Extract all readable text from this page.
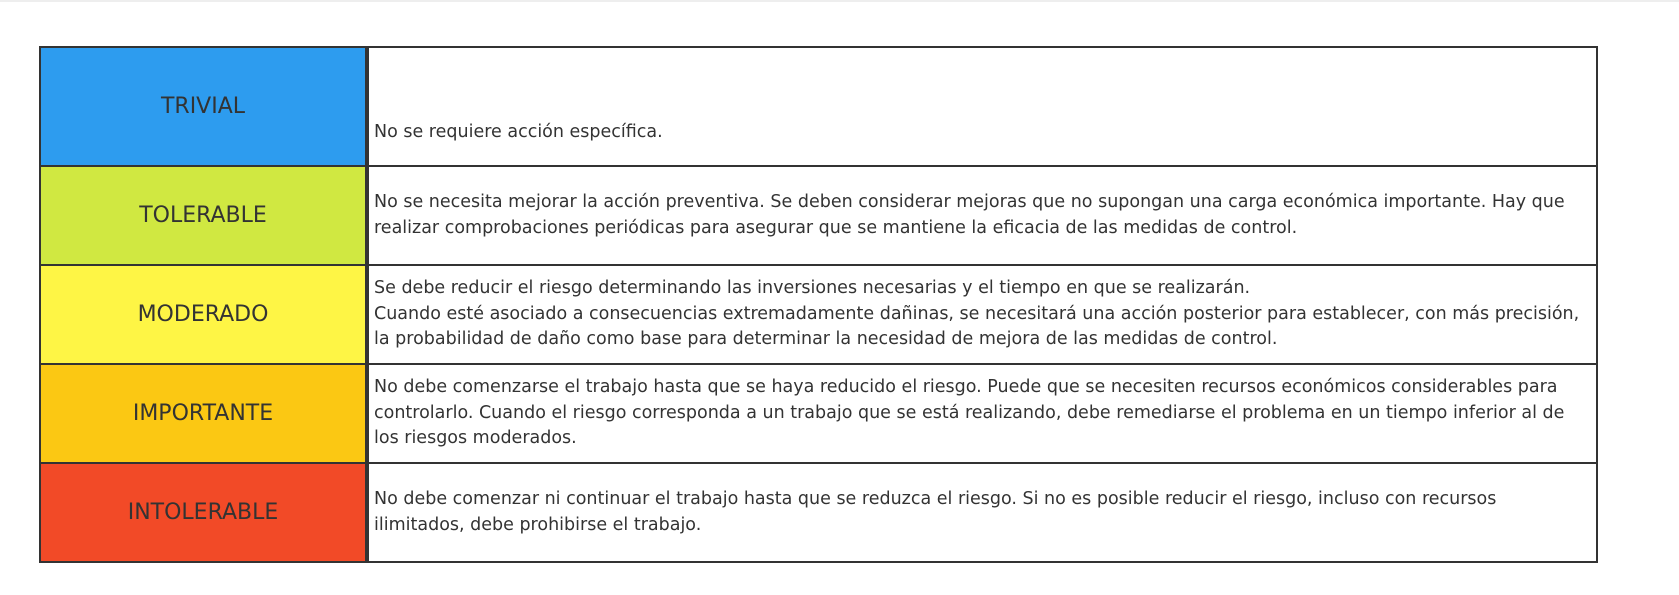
TRIVIAL	No se requiere acción específica.
TOLERABLE	No se necesita mejorar la acción preventiva. Se deben considerar mejoras que no supongan una carga económica importante. Hay que realizar comprobaciones periódicas para asegurar que se mantiene la eficacia de las medidas de control.
MODERADO	Se debe reducir el riesgo determinando las inversiones necesarias y el tiempo en que se realizarán.
Cuando esté asociado a consecuencias extremadamente dañinas, se necesitará una acción posterior para establecer, con más precisión, la probabilidad de daño como base para determinar la necesidad de mejora de las medidas de control.
IMPORTANTE	No debe comenzarse el trabajo hasta que se haya reducido el riesgo. Puede que se necesiten recursos económicos considerables para controlarlo. Cuando el riesgo corresponda a un trabajo que se está realizando, debe remediarse el problema en un tiempo inferior al de los riesgos moderados.
INTOLERABLE	No debe comenzar ni continuar el trabajo hasta que se reduzca el riesgo. Si no es posible reducir el riesgo, incluso con recursos ilimitados, debe prohibirse el trabajo.
